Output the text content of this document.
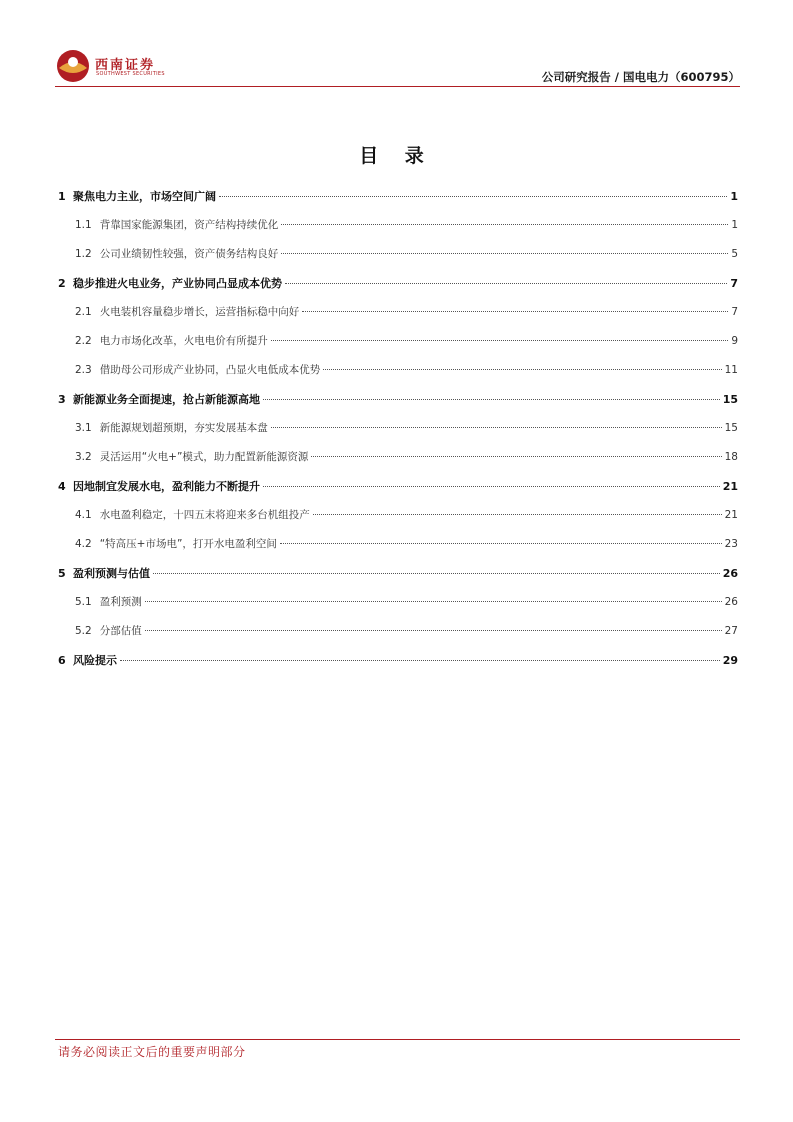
西南证券
SOUTHWEST SECURITIES	公司研究报告 / 国电电力（600795）
目 录
1 聚焦电力主业，市场空间广阔	1
1.1 背靠国家能源集团，资产结构持续优化	1
1.2 公司业绩韧性较强，资产债务结构良好	5
2 稳步推进火电业务，产业协同凸显成本优势	7
2.1 火电装机容量稳步增长，运营指标稳中向好	7
2.2 电力市场化改革，火电电价有所提升	9
2.3 借助母公司形成产业协同，凸显火电低成本优势	11
3 新能源业务全面提速，抢占新能源高地	15
3.1 新能源规划超预期，夯实发展基本盘	15
3.2 灵活运用“火电+”模式，助力配置新能源资源	18
4 因地制宜发展水电，盈利能力不断提升	21
4.1 水电盈利稳定，十四五末将迎来多台机组投产	21
4.2 “特高压+市场电”，打开水电盈利空间	23
5 盈利预测与估值	26
5.1 盈利预测	26
5.2 分部估值	27
6 风险提示	29
请务必阅读正文后的重要声明部分
